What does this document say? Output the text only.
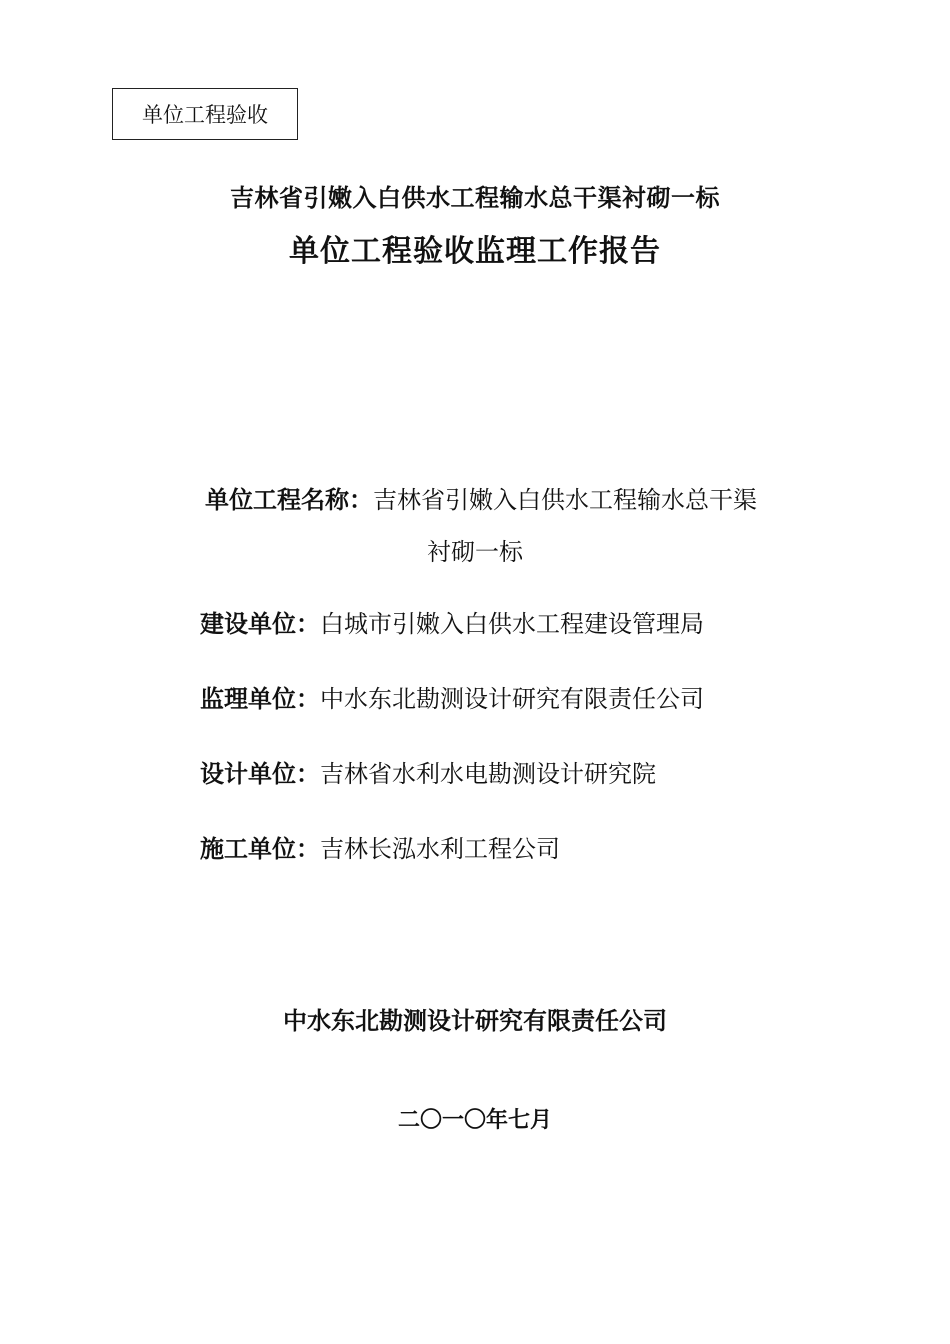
单位工程验收
吉林省引嫩入白供水工程输水总干渠衬砌一标
单位工程验收监理工作报告
单位工程名称：吉林省引嫩入白供水工程输水总干渠
衬砌一标
建设单位：白城市引嫩入白供水工程建设管理局
监理单位：中水东北勘测设计研究有限责任公司
设计单位：吉林省水利水电勘测设计研究院
施工单位：吉林长泓水利工程公司
中水东北勘测设计研究有限责任公司
二〇一〇年七月
